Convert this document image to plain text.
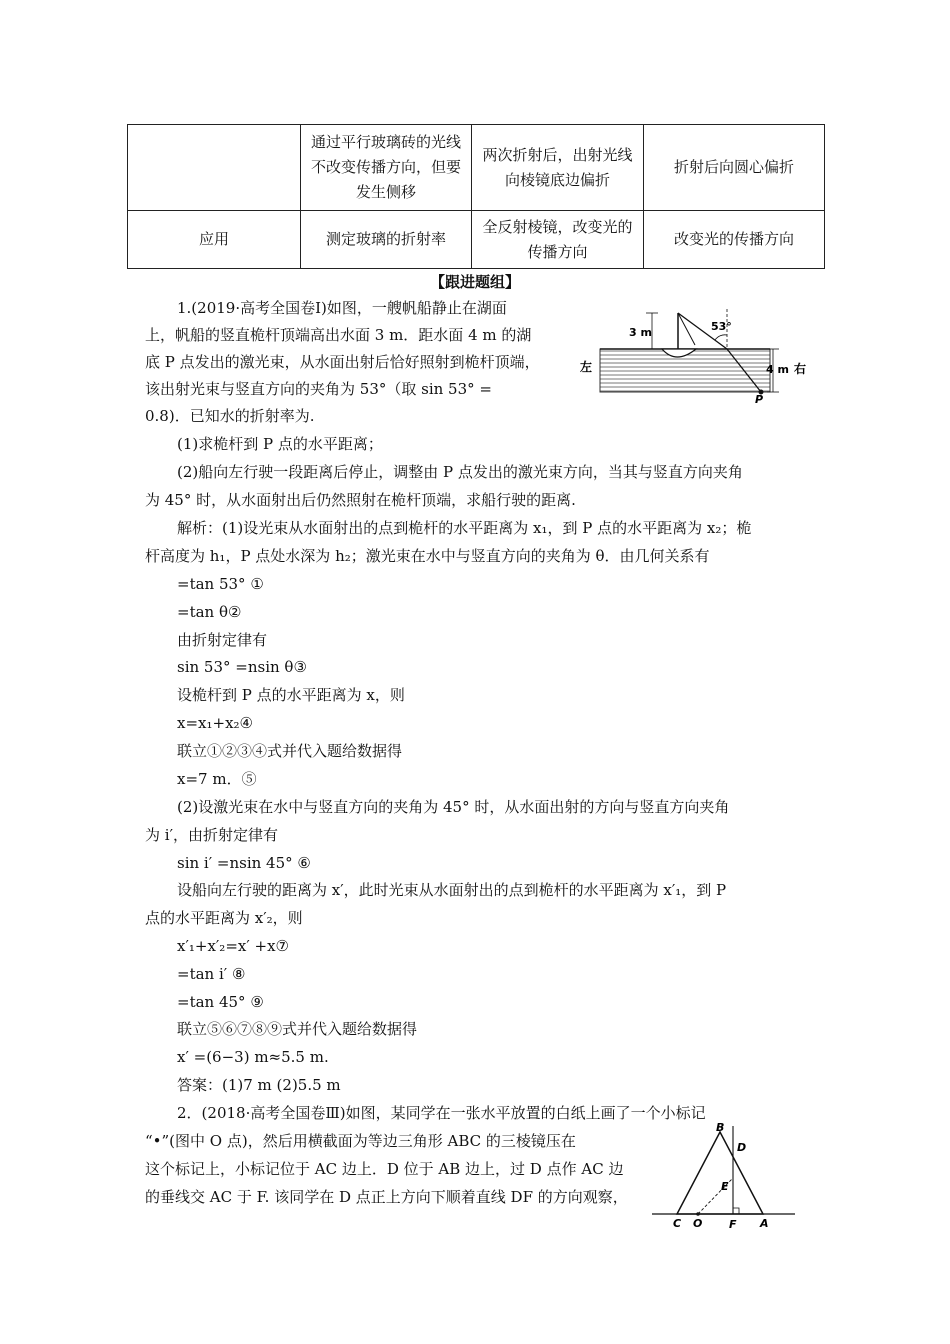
	通过平行玻璃砖的光线不改变传播方向，但要发生侧移	两次折射后，出射光线向棱镜底边偏折	折射后向圆心偏折
应用	测定玻璃的折射率	全反射棱镜，改变光的传播方向	改变光的传播方向
【跟进题组】
1.(2019·高考全国卷Ⅰ)如图，一艘帆船静止在湖面
上，帆船的竖直桅杆顶端高出水面 3 m．距水面 4 m 的湖
底 P 点发出的激光束，从水面出射后恰好照射到桅杆顶端，
该出射光束与竖直方向的夹角为 53°（取 sin 53° =
0.8)．已知水的折射率为.
3 m	53°
左	4 m 右
P
(1)求桅杆到 P 点的水平距离；
(2)船向左行驶一段距离后停止，调整由 P 点发出的激光束方向，当其与竖直方向夹角
为 45° 时，从水面射出后仍然照射在桅杆顶端，求船行驶的距离.
解析：(1)设光束从水面射出的点到桅杆的水平距离为 x₁，到 P 点的水平距离为 x₂；桅
杆高度为 h₁，P 点处水深为 h₂；激光束在水中与竖直方向的夹角为 θ．由几何关系有
=tan 53° ①
=tan θ②
由折射定律有
sin 53° =nsin θ③
设桅杆到 P 点的水平距离为 x，则
x=x₁+x₂④
联立①②③④式并代入题给数据得
x=7 m．⑤
(2)设激光束在水中与竖直方向的夹角为 45° 时，从水面出射的方向与竖直方向夹角
为 i′，由折射定律有
sin i′ =nsin 45° ⑥
设船向左行驶的距离为 x′，此时光束从水面射出的点到桅杆的水平距离为 x′₁，到 P
点的水平距离为 x′₂，则
x′₁+x′₂=x′ +x⑦
=tan i′ ⑧
=tan 45° ⑨
联立⑤⑥⑦⑧⑨式并代入题给数据得
x′ =(6−3) m≈5.5 m.
答案：(1)7 m (2)5.5 m
2．(2018·高考全国卷Ⅲ)如图，某同学在一张水平放置的白纸上画了一个小标记
“•”(图中 O 点)，然后用横截面为等边三角形 ABC 的三棱镜压在
这个标记上，小标记位于 AC 边上．D 位于 AB 边上，过 D 点作 AC 边
的垂线交 AC 于 F. 该同学在 D 点正上方向下顺着直线 DF 的方向观察，
B
D
E
C O F A
